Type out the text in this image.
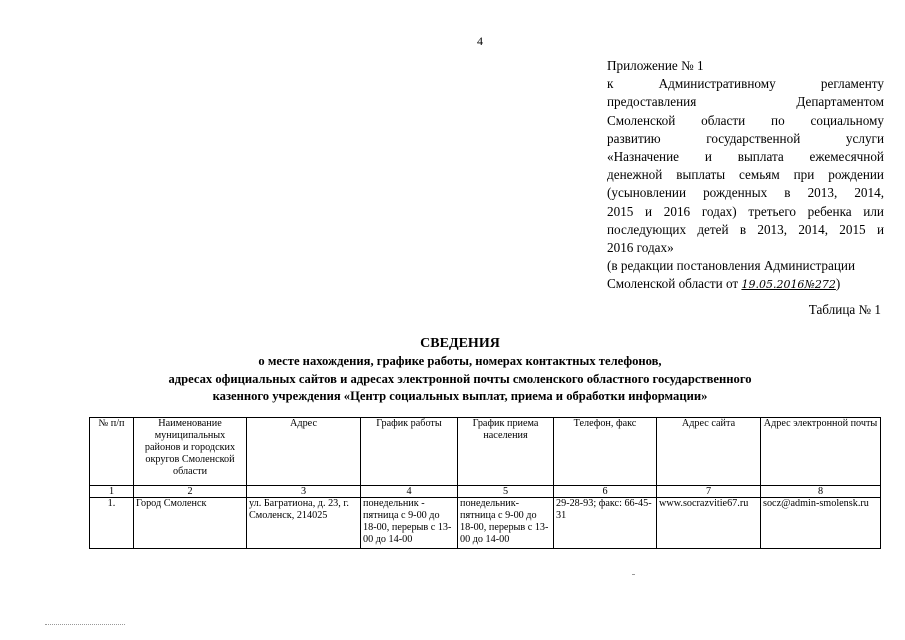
4
Приложение № 1
к Административному регламенту
предоставления Департаментом
Смоленской области по социальному
развитию государственной услуги
«Назначение и выплата ежемесячной
денежной выплаты семьям при рождении
(усыновлении рожденных в 2013, 2014,
2015 и 2016 годах) третьего ребенка или
последующих детей в 2013, 2014, 2015 и
2016 годах»
(в редакции постановления Администрации
Смоленской области от 19.05.2016№272)
Таблица № 1
СВЕДЕНИЯ
о месте нахождения, графике работы, номерах контактных телефонов,
адресах официальных сайтов и адресах электронной почты смоленского областного государственного
казенного учреждения «Центр социальных выплат, приема и обработки информации»
№ п/п	Наименование муниципальных районов и городских округов Смоленской области	Адрес	График работы	График приема населения	Телефон, факс	Адрес сайта	Адрес электронной почты
1	2	3	4	5	6	7	8
1.	Город Смоленск	ул. Багратиона, д. 23, г. Смоленск, 214025	понедельник - пятница с 9-00 до 18-00, перерыв с 13-00 до 14-00	понедельник- пятница с 9-00 до 18-00, перерыв с 13-00 до 14-00	29-28-93; факс: 66-45-31	www.socrazvitie67.ru	socz@admin-smolensk.ru
